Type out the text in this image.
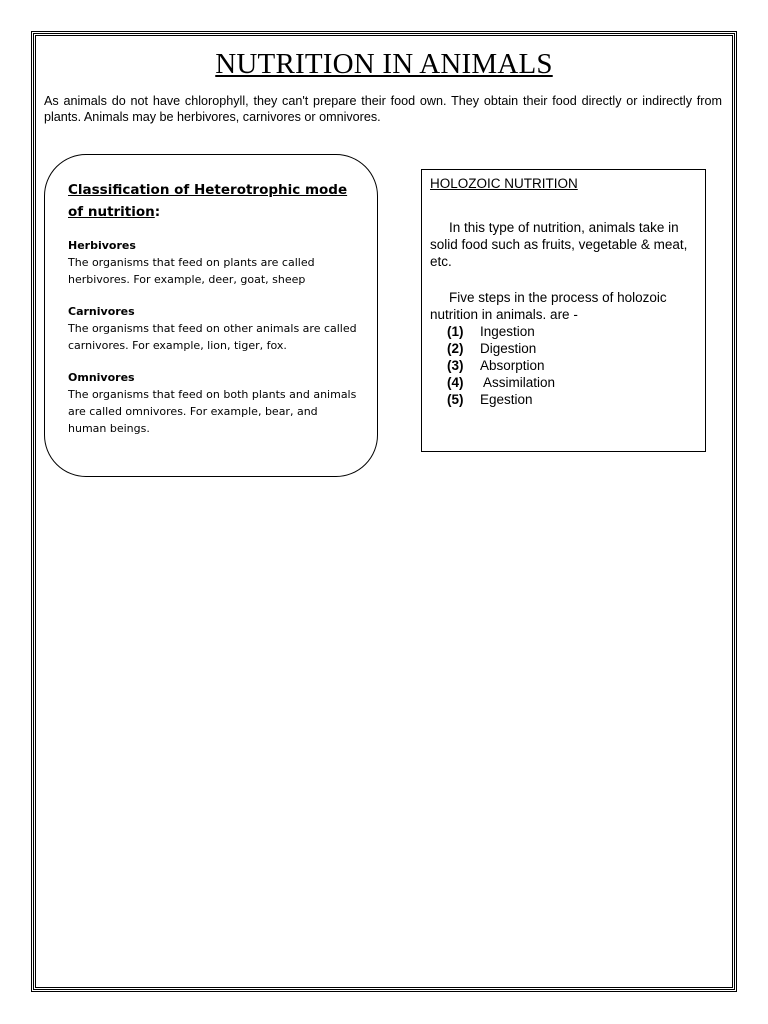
NUTRITION IN ANIMALS
As animals do not have chlorophyll, they can't prepare their food own. They obtain their food directly or indirectly from plants. Animals may be herbivores, carnivores or omnivores.
Classification of Heterotrophic mode of nutrition:
Herbivores
The organisms that feed on plants are called herbivores. For example, deer, goat, sheep
Carnivores
The organisms that feed on other animals are called carnivores. For example, lion, tiger, fox.
Omnivores
The organisms that feed on both plants and animals are called omnivores. For example, bear, and human beings.
HOLOZOIC NUTRITION

In this type of nutrition, animals take in solid food such as fruits, vegetable & meat, etc.

Five steps in the process of holozoic nutrition in animals. are -

(1)	Ingestion
(2)	Digestion
(3)	Absorption
(4)	Assimilation
(5)	Egestion
